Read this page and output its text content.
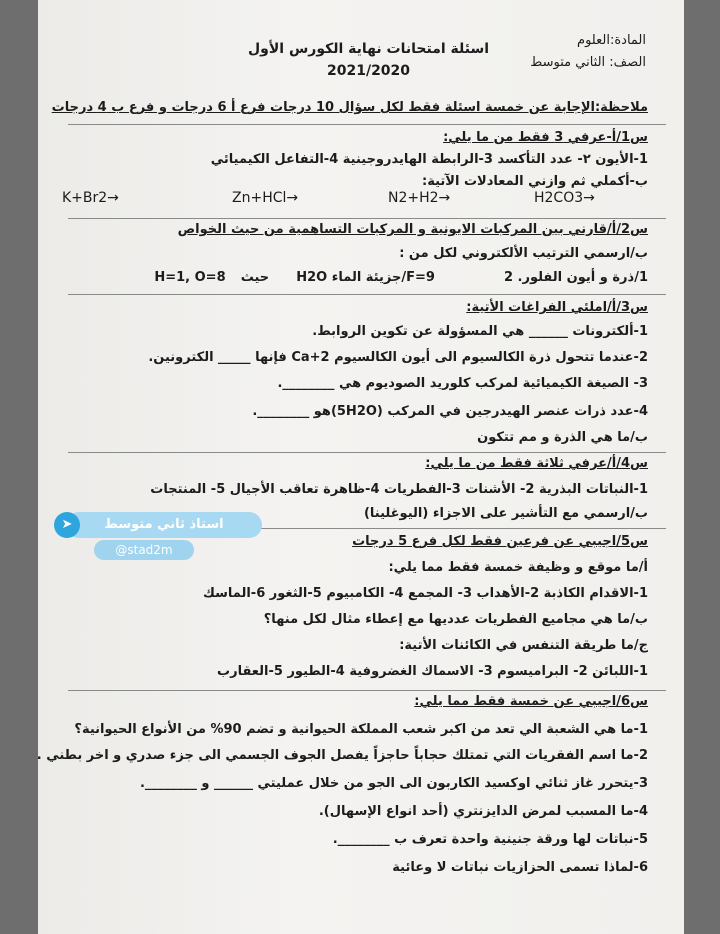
المادة:العلوم
الصف: الثاني متوسط
اسئلة امتحانات نهاية الكورس الأول
2021/2020
ملاحظة:الإجابة عن خمسة اسئلة فقط لكل سؤال 10 درجات فرع أ 6 درجات و فرع ب 4 درجات
س1/أ-عرفي 3 فقط من ما يلي:
1-الأيون ٢- عدد التأكسد 3-الرابطة الهايدروجينية 4-التفاعل الكيميائي
ب-أكملي ثم وازني المعادلات الآتية:
K+Br2→	Zn+HCl→	N2+H2→	H2CO3→
س2/أ/قارني بين المركبات الايونية و المركبات التساهمية من حيث الخواص
ب/ارسمي الترتيب الألكتروني لكل من :
1/ذرة و أيون الفلور. F=9  2/جزيئة الماء H2O  حيث  H=1, O=8
س3/أ/املئي الفراغات الأتية:
1-ألكترونات ______ هي المسؤولة عن تكوين الروابط.
2-عندما تتحول ذرة الكالسيوم الى أيون الكالسيوم Ca+2 فإنها _____ الكترونين.
3- الصيغة الكيميائية لمركب كلوريد الصوديوم هي ________.
4-عدد ذرات عنصر الهيدرجين في المركب (5H2O)هو ________.
ب/ما هي الذرة و مم تتكون
س4/أ/عرفي ثلاثة فقط من ما يلي:
1-النباتات البذرية 2- الأشنات 3-الفطريات 4-ظاهرة تعاقب الأجيال 5- المنتجات
ب/ارسمي مع التأشير على الاجزاء (اليوغلينا)
س5/اجيبي عن فرعين فقط لكل فرع 5 درجات
أ/ما موقع و وظيفة خمسة فقط مما يلي:
1-الاقدام الكاذبة 2-الأهداب 3- المجمع 4- الكامبيوم 5-الثغور 6-الماسك
ب/ما هي مجاميع الفطريات عدديها مع إعطاء مثال لكل منها؟
ج/ما طريقة التنفس في الكائنات الأتية:
1-اللبائن 2- البراميسوم 3- الاسماك الغضروفية 4-الطيور 5-العقارب
س6/اجيبي عن خمسة فقط مما يلي:
1-ما هي الشعبة الي تعد من اكبر شعب المملكة الحيوانية و تضم 90% من الأنواع الحيوانية؟
2-ما اسم الفقريات التي تمتلك حجاباً حاجزاً يفصل الجوف الجسمي الى جزء صدري و اخر بطني .
3-يتحرر غاز ثنائي اوكسيد الكاربون الى الجو من خلال عمليتي ______ و ________.
4-ما المسبب لمرض الدايزنتري (أحد انواع الإسهال).
5-نباتات لها ورقة جنينية واحدة تعرف ب ________.
6-لماذا تسمى الحزازيات نباتات لا وعائية
استاذ ثاني متوسط
➤
@stad2m
